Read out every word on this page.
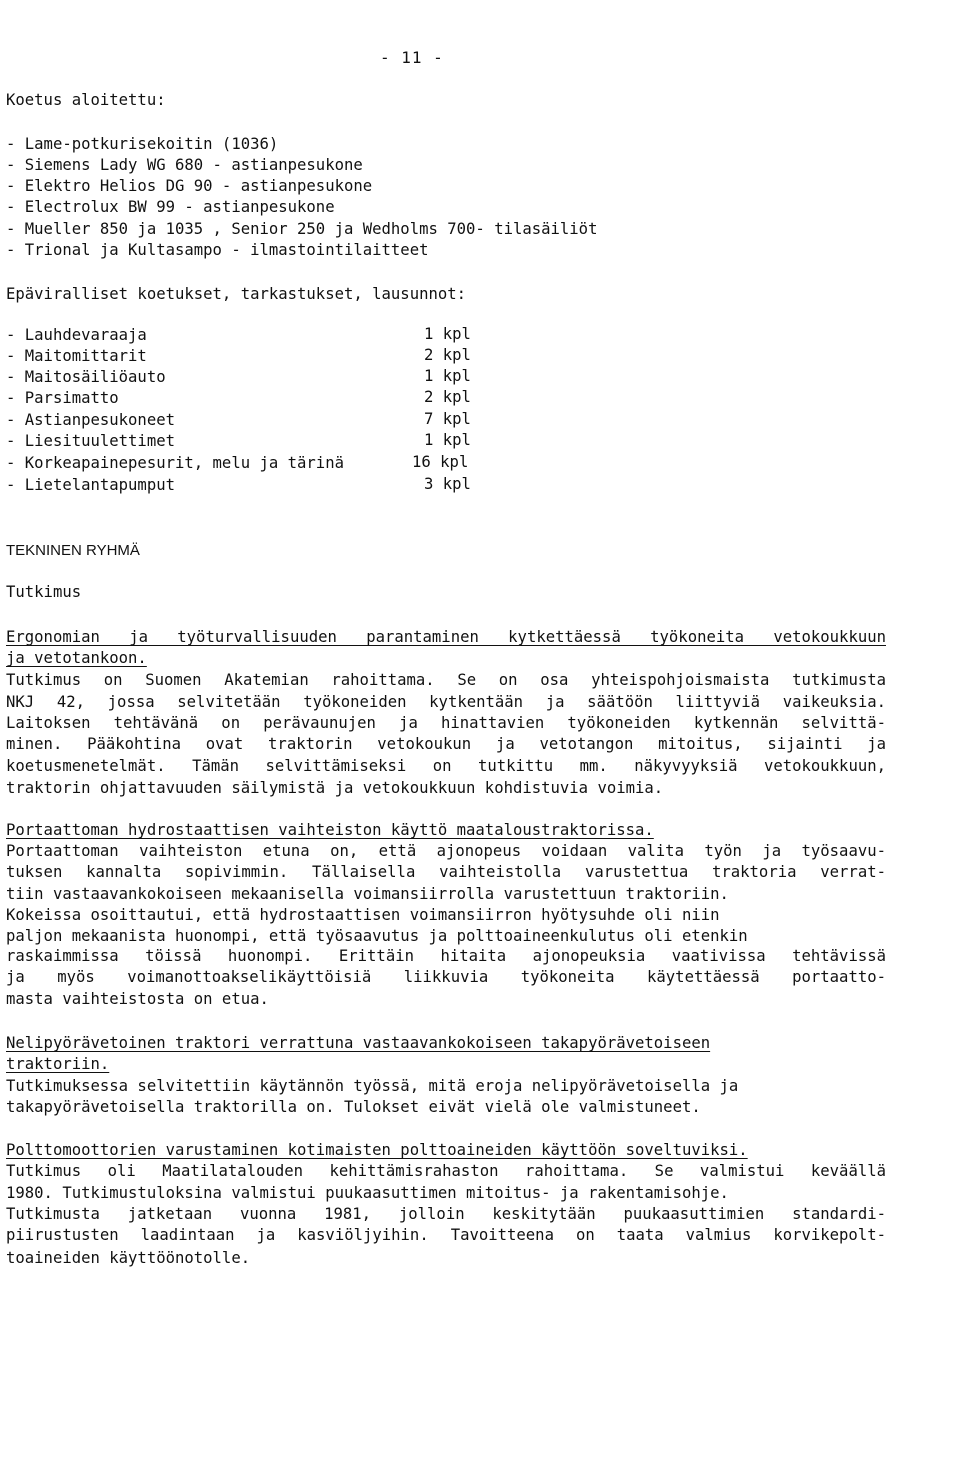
- 11 -
Koetus aloitettu:
- Lame-potkurisekoitin (1036)
- Siemens Lady WG 680 - astianpesukone
- Elektro Helios DG 90 - astianpesukone
- Electrolux BW 99 - astianpesukone
- Mueller 850 ja 1035 , Senior 250 ja Wedholms 700- tilasäiliöt
- Trional ja Kultasampo - ilmastointilaitteet
Epäviralliset koetukset, tarkastukset, lausunnot:
- Lauhdevaraaja	1 kpl
- Maitomittarit	2 kpl
- Maitosäiliöauto	1 kpl
- Parsimatto	2 kpl
- Astianpesukoneet	7 kpl
- Liesituulettimet	1 kpl
- Korkeapainepesurit, melu ja tärinä	16 kpl
- Lietelantapumput	3 kpl
TEKNINEN RYHMÄ
Tutkimus
Ergonomian ja työturvallisuuden parantaminen kytkettäessä työkoneita vetokoukkuun
ja vetotankoon.
Tutkimus on Suomen Akatemian rahoittama. Se on osa yhteispohjoismaista tutkimusta
NKJ 42, jossa selvitetään työkoneiden kytkentään ja säätöön liittyviä vaikeuksia.
Laitoksen tehtävänä on perävaunujen ja hinattavien työkoneiden kytkennän selvittä-
minen. Pääkohtina ovat traktorin vetokoukun ja vetotangon mitoitus, sijainti ja
koetusmenetelmät. Tämän selvittämiseksi on tutkittu mm. näkyvyyksiä vetokoukkuun,
traktorin ohjattavuuden säilymistä ja vetokoukkuun kohdistuvia voimia.
Portaattoman hydrostaattisen vaihteiston käyttö maataloustraktorissa.
Portaattoman vaihteiston etuna on, että ajonopeus voidaan valita työn ja työsaavu-
tuksen kannalta sopivimmin. Tällaisella vaihteistolla varustettua traktoria verrat-
tiin vastaavankokoiseen mekaanisella voimansiirrolla varustettuun traktoriin.
Kokeissa osoittautui, että hydrostaattisen voimansiirron hyötysuhde oli niin
paljon mekaanista huonompi, että työsaavutus ja polttoaineenkulutus oli etenkin
raskaimmissa töissä huonompi. Erittäin hitaita ajonopeuksia vaativissa tehtävissä
ja myös voimanottoakselikäyttöisiä liikkuvia työkoneita käytettäessä portaatto-
masta vaihteistosta on etua.
Nelipyörävetoinen traktori verrattuna vastaavankokoiseen takapyörävetoiseen
traktoriin.
Tutkimuksessa selvitettiin käytännön työssä, mitä eroja nelipyörävetoisella ja
takapyörävetoisella traktorilla on. Tulokset eivät vielä ole valmistuneet.
Polttomoottorien varustaminen kotimaisten polttoaineiden käyttöön soveltuviksi.
Tutkimus oli Maatilatalouden kehittämisrahaston rahoittama. Se valmistui keväällä
1980. Tutkimustuloksina valmistui puukaasuttimen mitoitus- ja rakentamisohje.
Tutkimusta jatketaan vuonna 1981, jolloin keskitytään puukaasuttimien standardi-
piirustusten laadintaan ja kasviöljyihin. Tavoitteena on taata valmius korvikepolt-
toaineiden käyttöönotolle.
